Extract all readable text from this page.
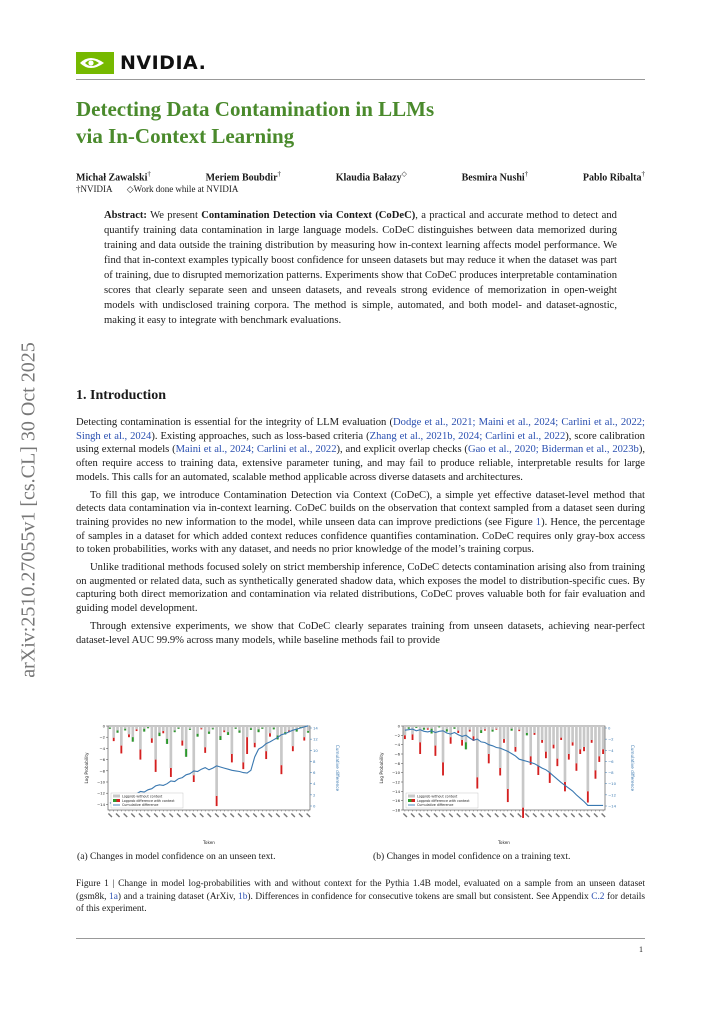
NVIDIA.
Detecting Data Contamination in LLMs
via In-Context Learning
Michał Zawalski†	Meriem Boubdir†	Klaudia Bałazy◇	Besmira Nushi†	Pablo Ribalta†
†NVIDIA ◇Work done while at NVIDIA
Abstract: We present Contamination Detection via Context (CoDeC), a practical and accurate method to detect and quantify training data contamination in large language models. CoDeC distinguishes between data memorized during training and data outside the training distribution by measuring how in-context learning affects model performance. We find that in-context examples typically boost confidence for unseen datasets but may reduce it when the dataset was part of training, due to disrupted memorization patterns. Experiments show that CoDeC produces interpretable contamination scores that clearly separate seen and unseen datasets, and reveals strong evidence of memorization in open-weight models with undisclosed training corpora. The method is simple, automated, and both model- and dataset-agnostic, making it easy to integrate with benchmark evaluations.
arXiv:2510.27055v1 [cs.CL] 30 Oct 2025	1. Introduction

Detecting contamination is essential for the integrity of LLM evaluation (Dodge et al., 2021; Maini et al., 2024; Carlini et al., 2022; Singh et al., 2024). Existing approaches, such as loss-based criteria (Zhang et al., 2021b, 2024; Carlini et al., 2022), score calibration using external models (Maini et al., 2024; Carlini et al., 2022), and explicit overlap checks (Gao et al., 2020; Biderman et al., 2023b), often require access to training data, extensive parameter tuning, and may fail to produce reliable, interpretable results for large models. This calls for an automated, scalable method applicable across diverse datasets and architectures.

To fill this gap, we introduce Contamination Detection via Context (CoDeC), a simple yet effective dataset-level method that detects data contamination via in-context learning. CoDeC builds on the observation that context sampled from a dataset seen during training provides no new information to the model, while unseen data can improve predictions (see Figure 1). Hence, the percentage of samples in a dataset for which added context reduces confidence quantifies contamination. CoDeC requires only gray-box access to token probabilities, works with any dataset, and needs no prior knowledge of the model’s training corpus.

Unlike traditional methods focused solely on strict membership inference, CoDeC detects contamination arising also from training on augmented or related data, such as synthetically generated shadow data, which exposes the model to distribution-specific cues. By capturing both direct memorization and contamination via related distributions, CoDeC proves valuable both for fair evaluation and guiding model development.

Through extensive experiments, we show that CoDeC clearly separates training from unseen datasets, achieving near-perfect dataset-level AUC 99.9% across many models, while baseline methods fail to provide

0
−2
−4
−6
−8
−10
−12
−14
14
12
10
8
6
4
2
0
Log Probability	Cumulative difference
Token
Logprob without context
Logprob difference with context
Cumulative difference
0
−2
−4
−6
−8
−10
−12
−14
−16
−18
0
−2
−4
−6
−8
−10
−12
−14
Log Probability	Cumulative difference
Token
Logprob without context
Logprob difference with context
Cumulative difference
(a) Changes in model confidence on an unseen text.	(b) Changes in model confidence on a training text.
Figure 1 | Change in model log-probabilities with and without context for the Pythia 1.4B model, evaluated on a sample from an unseen dataset (gsm8k, 1a) and a training dataset (ArXiv, 1b). Differences in confidence for consecutive tokens are small but consistent. See Appendix C.2 for details of this experiment.
1
